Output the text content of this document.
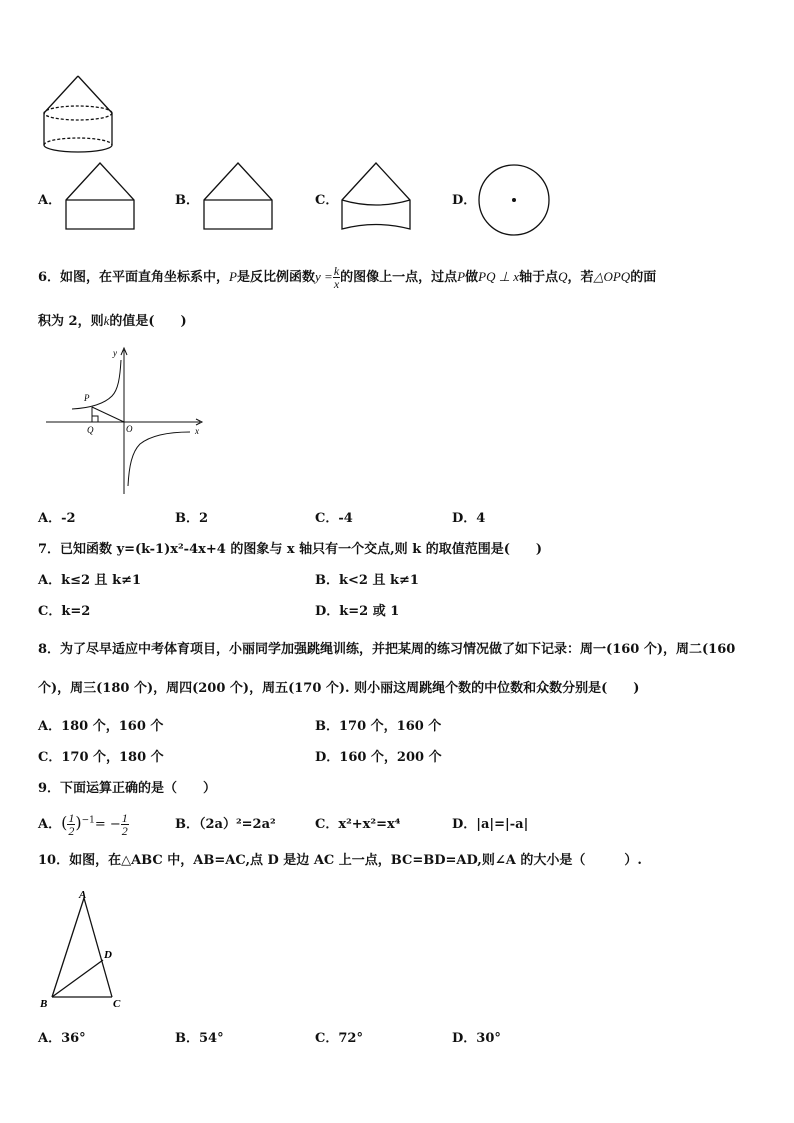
A．	B．	C．	D．
6．如图，在平面直角坐标系中，P是反比例函数$y = \frac{k}{x}$ 的图像上一点，过点P做PQ ⊥ x轴于点Q，若△OPQ的面
积为 2，则k的值是(　　)
y
x
P
Q	O
A．-2	B．2	C．-4	D．4
7．已知函数 y=(k-1)x²-4x+4 的图象与 x 轴只有一个交点,则 k 的取值范围是(　　)
A．k≤2 且 k≠1	B．k<2 且 k≠1
C．k=2	D．k=2 或 1
8．为了尽早适应中考体育项目，小丽同学加强跳绳训练，并把某周的练习情况做了如下记录：周一(160 个)，周二(160
个)，周三(180 个)，周四(200 个)，周五(170 个). 则小丽这周跳绳个数的中位数和众数分别是(　　)
A．180 个，160 个	B．170 个，160 个
C．170 个，180 个	D．160 个，200 个
9．下面运算正确的是（　　）
A．( $\frac{1}{2} )^{-1}= - \frac{1}{2}$	B．（2a）²=2a²	C．x²+x²=x⁴	D．|a|=|-a|
10．如图，在△ABC 中，AB=AC,点 D 是边 AC 上一点，BC=BD=AD,则∠A 的大小是（　　　）.
A
B	C
D
A．36°	B．54°	C．72°	D．30°
